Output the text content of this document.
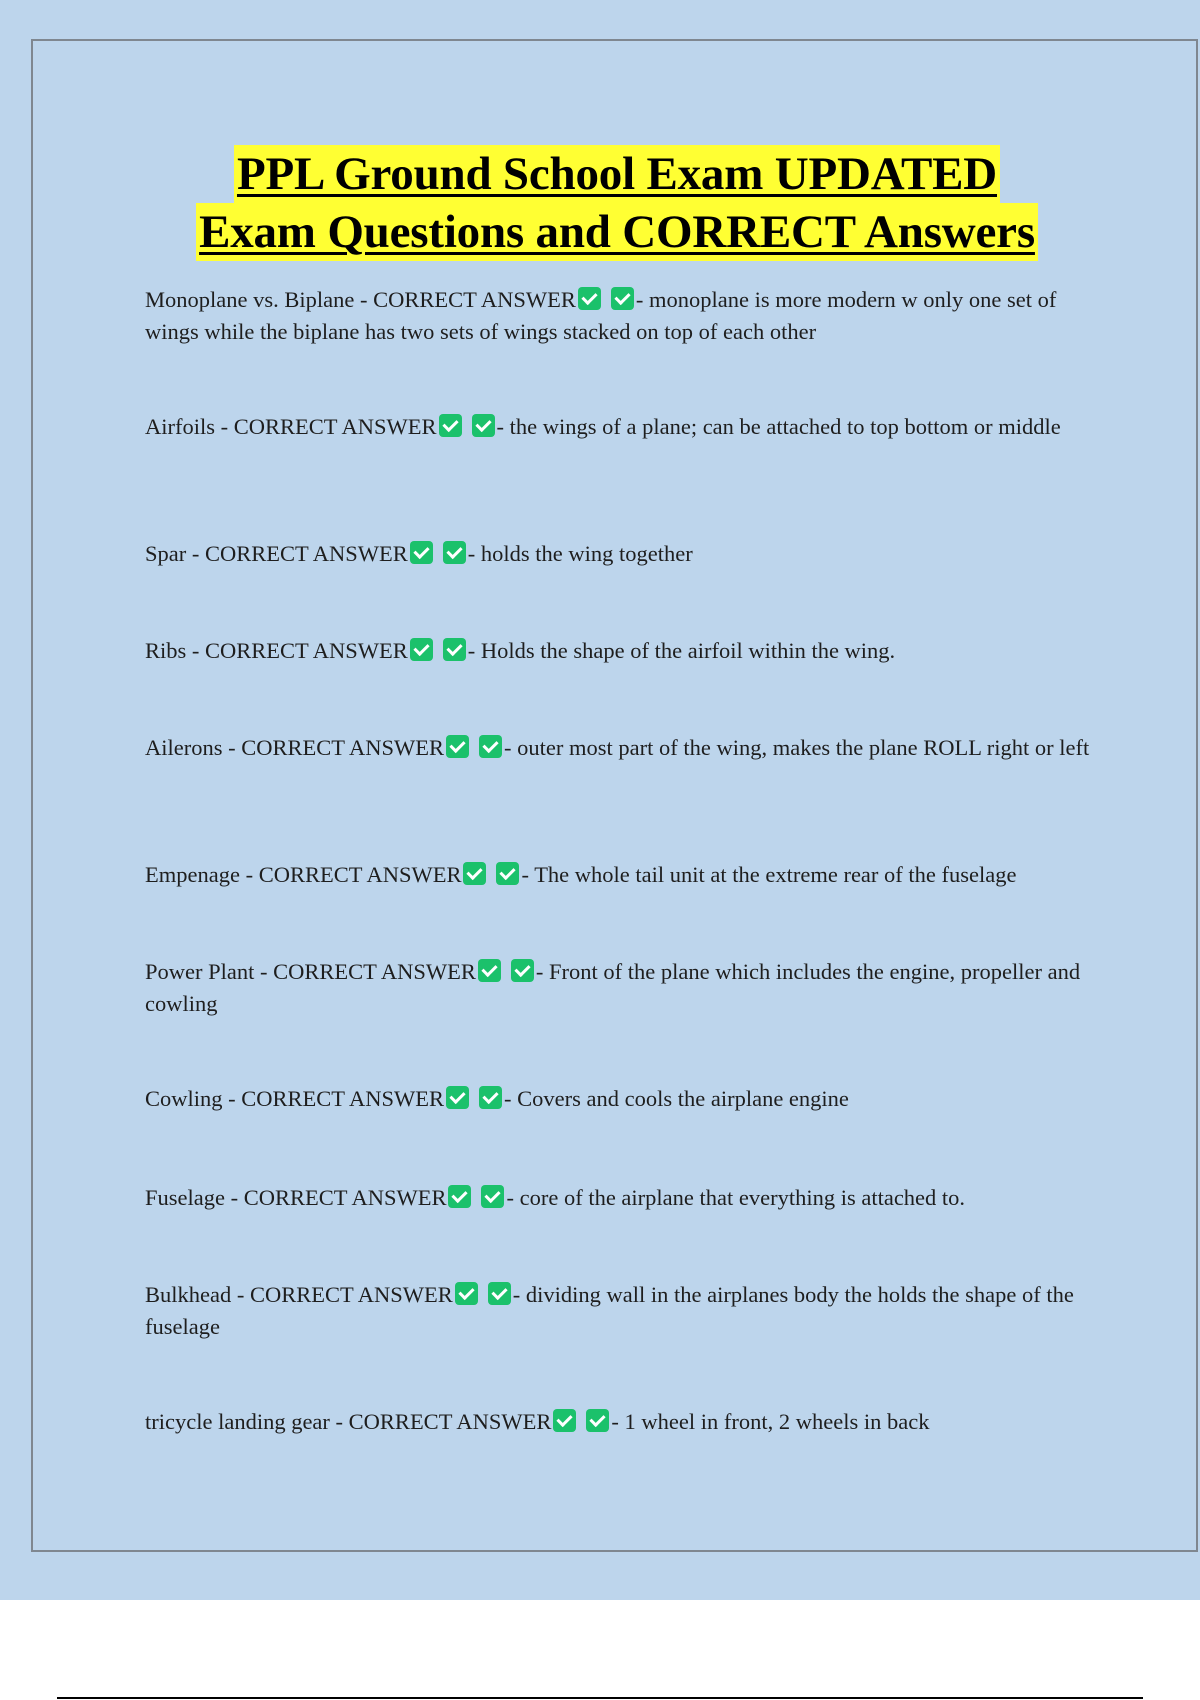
PPL Ground School Exam UPDATED
Exam Questions and CORRECT Answers
Monoplane vs. Biplane - CORRECT ANSWER	- monoplane is more modern w only one set of wings while the biplane has two sets of wings stacked on top of each other
Airfoils - CORRECT ANSWER	- the wings of a plane; can be attached to top bottom or middle
Spar - CORRECT ANSWER	- holds the wing together
Ribs - CORRECT ANSWER	- Holds the shape of the airfoil within the wing.
Ailerons - CORRECT ANSWER	- outer most part of the wing, makes the plane ROLL right or left
Empenage - CORRECT ANSWER	- The whole tail unit at the extreme rear of the fuselage
Power Plant - CORRECT ANSWER	- Front of the plane which includes the engine, propeller and cowling
Cowling - CORRECT ANSWER	- Covers and cools the airplane engine
Fuselage - CORRECT ANSWER	- core of the airplane that everything is attached to.
Bulkhead - CORRECT ANSWER	- dividing wall in the airplanes body the holds the shape of the fuselage
tricycle landing gear - CORRECT ANSWER	- 1 wheel in front, 2 wheels in back
